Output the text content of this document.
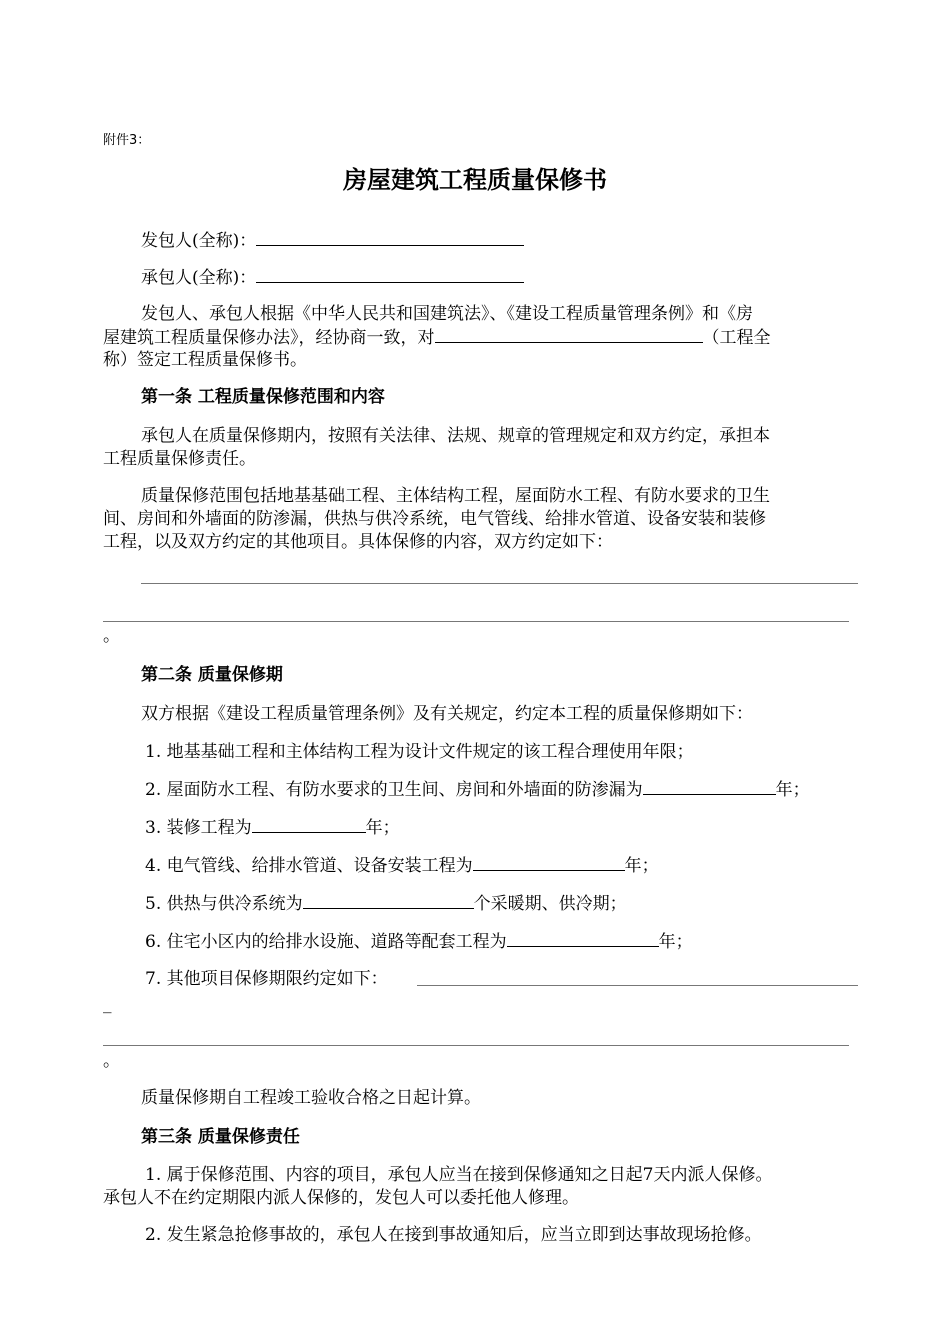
附件3：
房屋建筑工程质量保修书
发包人(全称)：
承包人(全称)：
发包人、承包人根据《中华人民共和国建筑法》、《建设工程质量管理条例》和《房
屋建筑工程质量保修办法》，经协商一致，对	（工程全
称）签定工程质量保修书。
第一条 工程质量保修范围和内容
承包人在质量保修期内，按照有关法律、法规、规章的管理规定和双方约定，承担本
工程质量保修责任。
质量保修范围包括地基基础工程、主体结构工程，屋面防水工程、有防水要求的卫生
间、房间和外墙面的防渗漏，供热与供冷系统，电气管线、给排水管道、设备安装和装修
工程，以及双方约定的其他项目。具体保修的内容，双方约定如下：
。
第二条 质量保修期
双方根据《建设工程质量管理条例》及有关规定，约定本工程的质量保修期如下：
1. 地基基础工程和主体结构工程为设计文件规定的该工程合理使用年限；
2. 屋面防水工程、有防水要求的卫生间、房间和外墙面的防渗漏为	年；
3. 装修工程为	年；
4. 电气管线、给排水管道、设备安装工程为	年；
5. 供热与供冷系统为	个采暖期、供冷期；
6. 住宅小区内的给排水设施、道路等配套工程为	年；
7. 其他项目保修期限约定如下：
_
。
质量保修期自工程竣工验收合格之日起计算。
第三条 质量保修责任
1. 属于保修范围、内容的项目，承包人应当在接到保修通知之日起7天内派人保修。
承包人不在约定期限内派人保修的，发包人可以委托他人修理。
2. 发生紧急抢修事故的，承包人在接到事故通知后，应当立即到达事故现场抢修。
